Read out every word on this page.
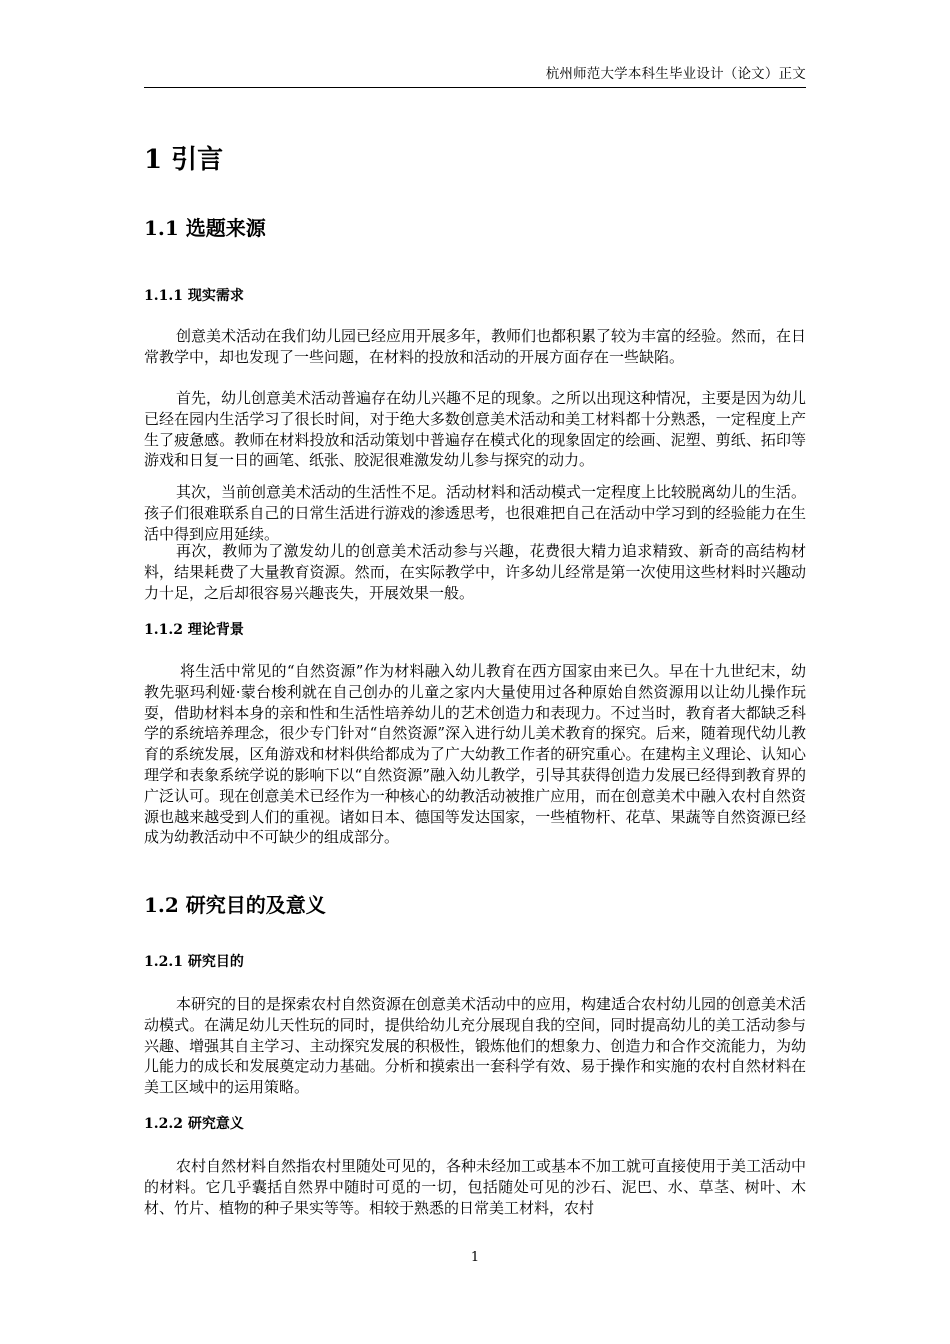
杭州师范大学本科生毕业设计（论文）正文
1 引言
1.1 选题来源
1.1.1 现实需求

创意美术活动在我们幼儿园已经应用开展多年，教师们也都积累了较为丰富的经验。然而，在日常教学中，却也发现了一些问题，在材料的投放和活动的开展方面存在一些缺陷。

首先，幼儿创意美术活动普遍存在幼儿兴趣不足的现象。之所以出现这种情况，主要是因为幼儿已经在园内生活学习了很长时间，对于绝大多数创意美术活动和美工材料都十分熟悉，一定程度上产生了疲惫感。教师在材料投放和活动策划中普遍存在模式化的现象固定的绘画、泥塑、剪纸、拓印等游戏和日复一日的画笔、纸张、胶泥很难激发幼儿参与探究的动力。

其次，当前创意美术活动的生活性不足。活动材料和活动模式一定程度上比较脱离幼儿的生活。孩子们很难联系自己的日常生活进行游戏的渗透思考，也很难把自己在活动中学习到的经验能力在生活中得到应用延续。

再次，教师为了激发幼儿的创意美术活动参与兴趣，花费很大精力追求精致、新奇的高结构材料，结果耗费了大量教育资源。然而，在实际教学中，许多幼儿经常是第一次使用这些材料时兴趣动力十足，之后却很容易兴趣丧失，开展效果一般。

1.1.2 理论背景

将生活中常见的“自然资源”作为材料融入幼儿教育在西方国家由来已久。早在十九世纪末，幼教先驱玛利娅·蒙台梭利就在自己创办的儿童之家内大量使用过各种原始自然资源用以让幼儿操作玩耍，借助材料本身的亲和性和生活性培养幼儿的艺术创造力和表现力。不过当时，教育者大都缺乏科学的系统培养理念，很少专门针对“自然资源”深入进行幼儿美术教育的探究。后来，随着现代幼儿教育的系统发展，区角游戏和材料供给都成为了广大幼教工作者的研究重心。在建构主义理论、认知心理学和表象系统学说的影响下以“自然资源”融入幼儿教学，引导其获得创造力发展已经得到教育界的广泛认可。现在创意美术已经作为一种核心的幼教活动被推广应用，而在创意美术中融入农村自然资源也越来越受到人们的重视。诸如日本、德国等发达国家，一些植物杆、花草、果蔬等自然资源已经成为幼教活动中不可缺少的组成部分。

1.2 研究目的及意义
1.2.1 研究目的

本研究的目的是探索农村自然资源在创意美术活动中的应用，构建适合农村幼儿园的创意美术活动模式。在满足幼儿天性玩的同时，提供给幼儿充分展现自我的空间，同时提高幼儿的美工活动参与兴趣、增强其自主学习、主动探究发展的积极性，锻炼他们的想象力、创造力和合作交流能力，为幼儿能力的成长和发展奠定动力基础。分析和摸索出一套科学有效、易于操作和实施的农村自然材料在美工区域中的运用策略。

1.2.2 研究意义

农村自然材料自然指农村里随处可见的，各种未经加工或基本不加工就可直接使用于美工活动中的材料。它几乎囊括自然界中随时可觅的一切，包括随处可见的沙石、泥巴、水、草茎、树叶、木材、竹片、植物的种子果实等等。相较于熟悉的日常美工材料，农村

1
